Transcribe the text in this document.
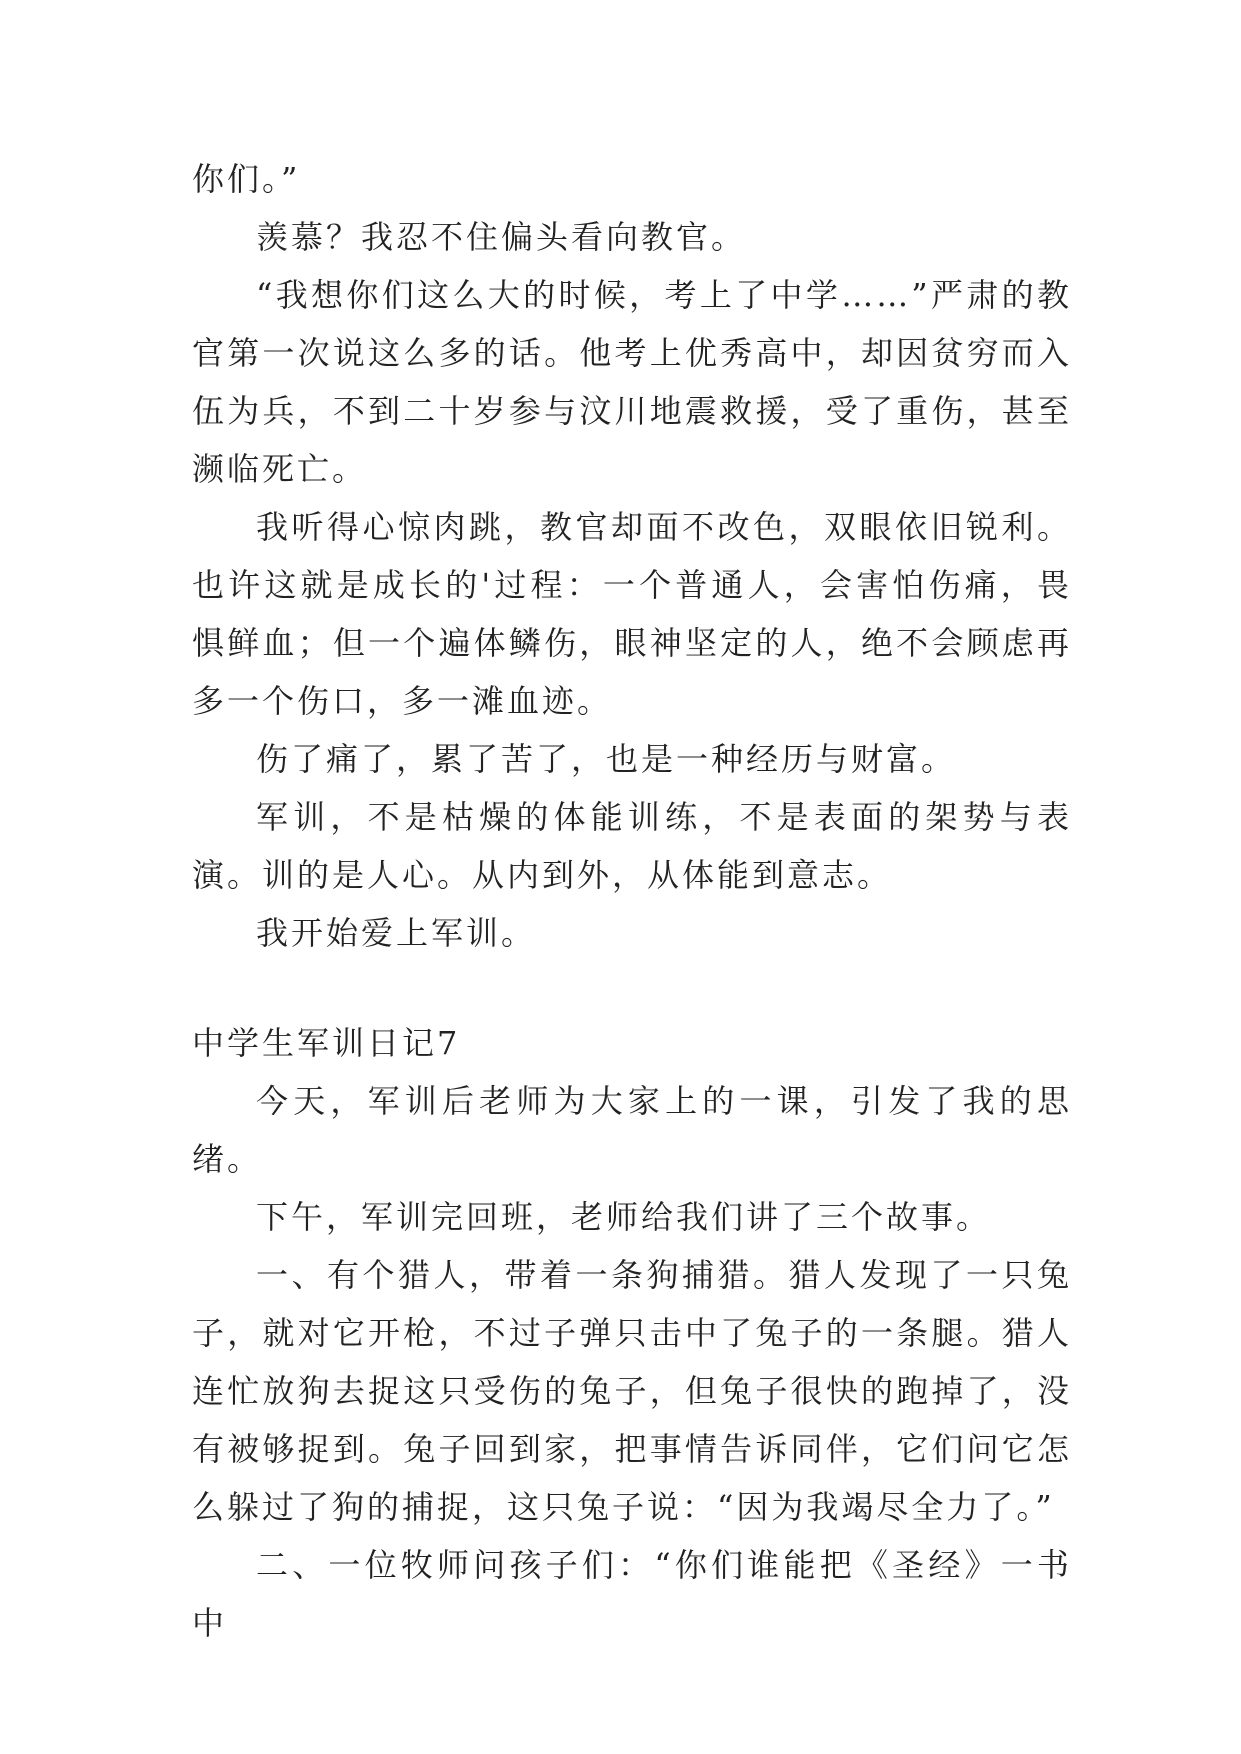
你们。”

羡慕？我忍不住偏头看向教官。

“我想你们这么大的时候，考上了中学……”严肃的教官第一次说这么多的话。他考上优秀高中，却因贫穷而入伍为兵，不到二十岁参与汶川地震救援，受了重伤，甚至濒临死亡。

我听得心惊肉跳，教官却面不改色，双眼依旧锐利。也许这就是成长的'过程：一个普通人，会害怕伤痛，畏惧鲜血；但一个遍体鳞伤，眼神坚定的人，绝不会顾虑再多一个伤口，多一滩血迹。

伤了痛了，累了苦了，也是一种经历与财富。

军训，不是枯燥的体能训练，不是表面的架势与表演。训的是人心。从内到外，从体能到意志。

我开始爱上军训。

中学生军训日记7

今天，军训后老师为大家上的一课，引发了我的思绪。

下午，军训完回班，老师给我们讲了三个故事。

一、有个猎人，带着一条狗捕猎。猎人发现了一只兔子，就对它开枪，不过子弹只击中了兔子的一条腿。猎人连忙放狗去捉这只受伤的兔子，但兔子很快的跑掉了，没有被够捉到。兔子回到家，把事情告诉同伴，它们问它怎么躲过了狗的捕捉，这只兔子说：“因为我竭尽全力了。”

二、一位牧师问孩子们：“你们谁能把《圣经》一书中
